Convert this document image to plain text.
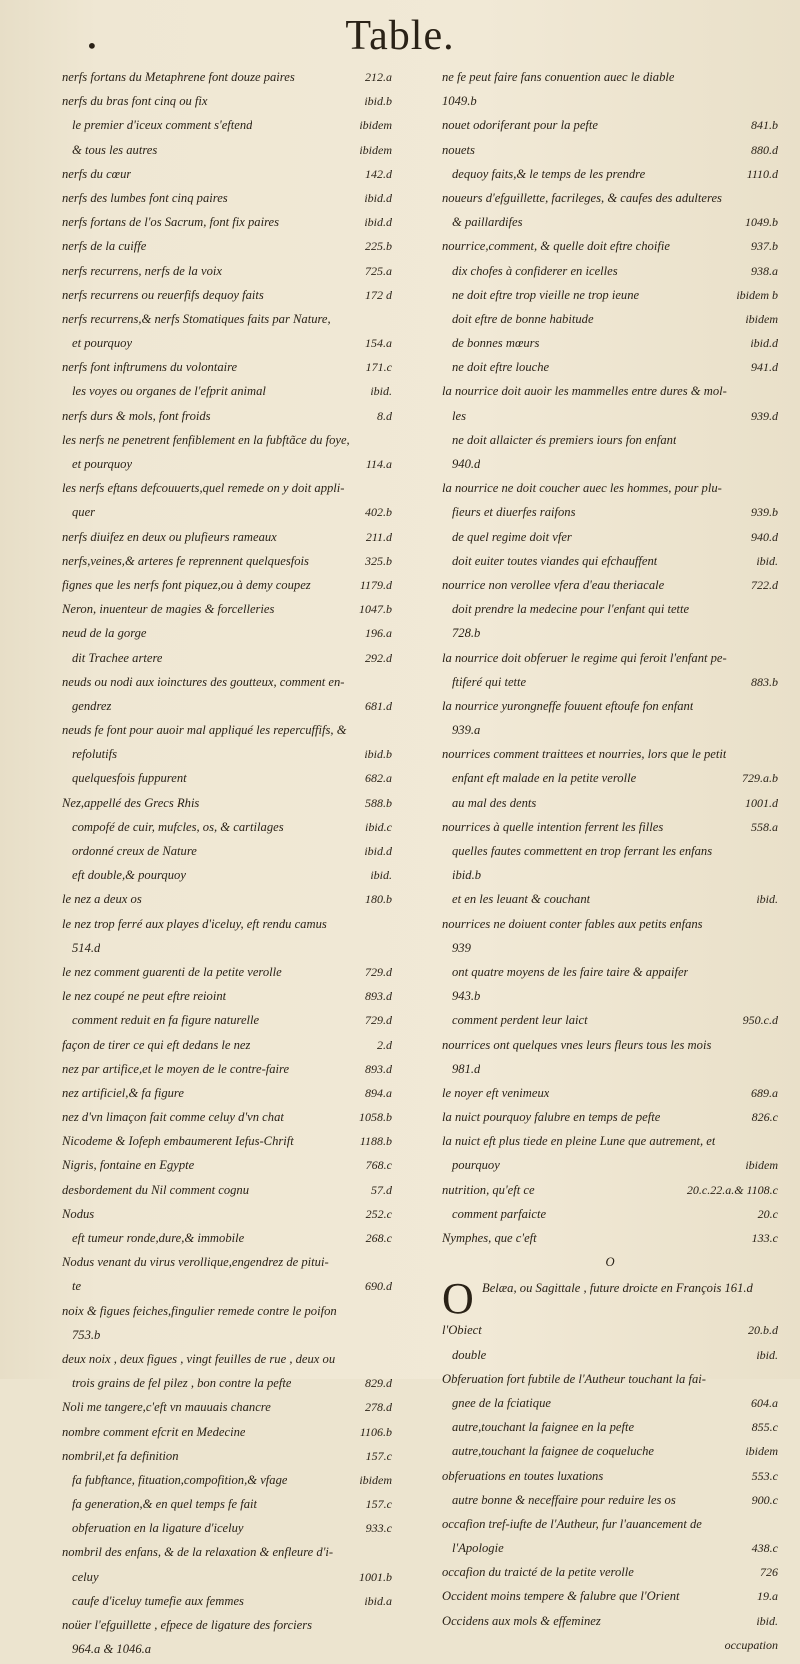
•	Table.
nerfs fortans du Metaphrene font douze paires	212.a
nerfs du bras font cinq ou fix	ibid.b
le premier d'iceux comment s'eftend	ibidem
& tous les autres	ibidem
nerfs du cœur	142.d
nerfs des lumbes font cinq paires	ibid.d
nerfs fortans de l'os Sacrum, font fix paires	ibid.d
nerfs de la cuiffe	225.b
nerfs recurrens, nerfs de la voix	725.a
nerfs recurrens ou reuerfifs dequoy faits	172 d
nerfs recurrens,& nerfs Stomatiques faits par Nature,
et pourquoy	154.a
nerfs font inftrumens du volontaire	171.c
les voyes ou organes de l'efprit animal	ibid.
nerfs durs & mols, font froids	8.d
les nerfs ne penetrent fenfiblement en la fubftãce du foye,
et pourquoy	114.a
les nerfs eftans defcouuerts,quel remede on y doit appli-
quer	402.b
nerfs diuifez en deux ou plufieurs rameaux	211.d
nerfs,veines,& arteres fe reprennent quelquesfois	325.b
fignes que les nerfs font piquez,ou à demy coupez	1179.d
Neron, inuenteur de magies & forcelleries	1047.b
neud de la gorge	196.a
dit Trachee artere	292.d
neuds ou nodi aux ioinctures des goutteux, comment en-
gendrez	681.d
neuds fe font pour auoir mal appliqué les repercuffifs, &
refolutifs	ibid.b
quelquesfois fuppurent	682.a
Nez,appellé des Grecs Rhis	588.b
compofé de cuir, mufcles, os, & cartilages	ibid.c
ordonné creux de Nature	ibid.d
eft double,& pourquoy	ibid.
le nez a deux os	180.b
le nez trop ferré aux playes d'iceluy, eft rendu camus
514.d
le nez comment guarenti de la petite verolle	729.d
le nez coupé ne peut eftre reioint	893.d
comment reduit en fa figure naturelle	729.d
façon de tirer ce qui eft dedans le nez	2.d
nez par artifice,et le moyen de le contre-faire	893.d
nez artificiel,& fa figure	894.a
nez d'vn limaçon fait comme celuy d'vn chat	1058.b
Nicodeme & Iofeph embaumerent Iefus-Chrift	1188.b
Nigris, fontaine en Egypte	768.c
desbordement du Nil comment cognu	57.d
Nodus	252.c
eft tumeur ronde,dure,& immobile	268.c
Nodus venant du virus verollique,engendrez de pitui-
te	690.d
noix & figues feiches,fingulier remede contre le poifon
753.b
deux noix , deux figues , vingt feuilles de rue , deux ou
trois grains de fel pilez , bon contre la pefte	829.d
Noli me tangere,c'eft vn mauuais chancre	278.d
nombre comment efcrit en Medecine	1106.b
nombril,et fa definition	157.c
fa fubftance, fituation,compofition,& vfage	ibidem
fa generation,& en quel temps fe fait	157.c
obferuation en la ligature d'iceluy	933.c
nombril des enfans, & de la relaxation & enfleure d'i-
celuy	1001.b
caufe d'iceluy tumefie aux femmes	ibid.a
noüer l'efguillette , efpece de ligature des forciers
964.a & 1046.a
ne fe peut faire fans conuention auec le diable
1049.b
nouet odoriferant pour la pefte	841.b
nouets	880.d
dequoy faits,& le temps de les prendre	1110.d
noueurs d'efguillette, facrileges, & caufes des adulteres
& paillardifes	1049.b
nourrice,comment, & quelle doit eftre choifie	937.b
dix chofes à confiderer en icelles	938.a
ne doit eftre trop vieille ne trop ieune	ibidem b
doit eftre de bonne habitude	ibidem
de bonnes mœurs	ibid.d
ne doit eftre louche	941.d
la nourrice doit auoir les mammelles entre dures & mol-
les	939.d
ne doit allaicter és premiers iours fon enfant
940.d
la nourrice ne doit coucher auec les hommes, pour plu-
fieurs et diuerfes raifons	939.b
de quel regime doit vfer	940.d
doit euiter toutes viandes qui efchauffent	ibid.
nourrice non verollee vfera d'eau theriacale	722.d
doit prendre la medecine pour l'enfant qui tette
728.b
la nourrice doit obferuer le regime qui feroit l'enfant pe-
ftiferé qui tette	883.b
la nourrice yurongneffe fouuent eftoufe fon enfant
939.a
nourrices comment traittees et nourries, lors que le petit
enfant eft malade en la petite verolle	729.a.b
au mal des dents	1001.d
nourrices à quelle intention ferrent les filles	558.a
quelles fautes commettent en trop ferrant les enfans
ibid.b
et en les leuant & couchant	ibid.
nourrices ne doiuent conter fables aux petits enfans
939
ont quatre moyens de les faire taire & appaifer
943.b
comment perdent leur laict	950.c.d
nourrices ont quelques vnes leurs fleurs tous les mois
981.d
le noyer eft venimeux	689.a
la nuict pourquoy falubre en temps de pefte	826.c
la nuict eft plus tiede en pleine Lune que autrement, et
pourquoy	ibidem
nutrition, qu'eft ce	20.c.22.a.& 1108.c
comment parfaicte	20.c
Nymphes, que c'eft	133.c
O
O Belæa, ou Sagittale , future droicte en François 161.d
l'Obiect	20.b.d
double	ibid.
Obferuation fort fubtile de l'Autheur touchant la fai-
gnee de la fciatique	604.a
autre,touchant la faignee en la pefte	855.c
autre,touchant la faignee de coqueluche	ibidem
obferuations en toutes luxations	553.c
autre bonne & neceffaire pour reduire les os	900.c
occafion tref-iufte de l'Autheur, fur l'auancement de
l'Apologie	438.c
occafion du traicté de la petite verolle	726
Occident moins tempere & falubre que l'Orient	19.a
Occidens aux mols & effeminez	ibid.
occupation
